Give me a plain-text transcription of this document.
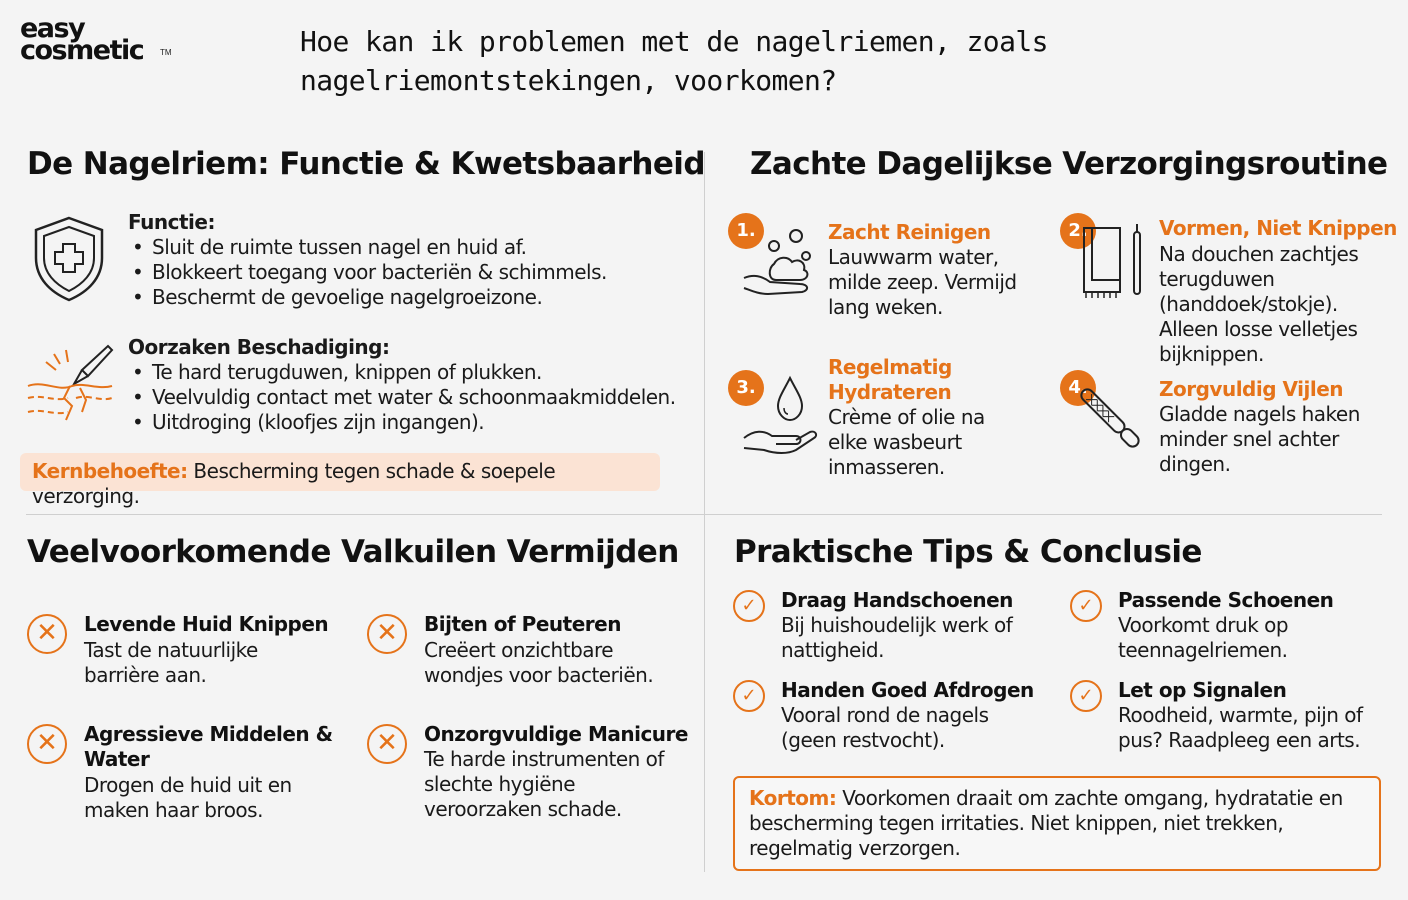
easy
cosmetic	TM	Hoe kan ik problemen met de nagelriemen, zoals nagelriemontstekingen, voorkomen?
De Nagelriem: Functie & Kwetsbaarheid
Functie:
• Sluit de ruimte tussen nagel en huid af.
• Blokkeert toegang voor bacteriën & schimmels.
• Beschermt de gevoelige nagelgroeizone.
Oorzaken Beschadiging:
• Te hard terugduwen, knippen of plukken.
• Veelvuldig contact met water & schoonmaakmiddelen.
• Uitdroging (kloofjes zijn ingangen).
Kernbehoefte: Bescherming tegen schade & soepele verzorging.
Zachte Dagelijkse Verzorgingsroutine
1.	Zacht Reinigen
Lauwwarm water, milde zeep. Vermijd lang weken.
2.	Vormen, Niet Knippen
Na douchen zachtjes terugduwen (handdoek/stokje). Alleen losse velletjes bijknippen.
3.
Regelmatig Hydrateren
Crème of olie na elke wasbeurt inmasseren.
4.	Zorgvuldig Vijlen
Gladde nagels haken minder snel achter dingen.
Veelvoorkomende Valkuilen Vermijden
✕	Levende Huid Knippen
Tast de natuurlijke barrière aan.
✕	Bijten of Peuteren
Creëert onzichtbare wondjes voor bacteriën.
✕	Agressieve Middelen & Water
Drogen de huid uit en maken haar broos.
✕	Onzorgvuldige Manicure
Te harde instrumenten of slechte hygiëne veroorzaken schade.
Praktische Tips & Conclusie
✓	Draag Handschoenen
Bij huishoudelijk werk of nattigheid.
✓	Passende Schoenen
Voorkomt druk op teennagelriemen.
✓	Handen Goed Afdrogen
Vooral rond de nagels (geen restvocht).
✓	Let op Signalen
Roodheid, warmte, pijn of pus? Raadpleeg een arts.
Kortom: Voorkomen draait om zachte omgang, hydratatie en bescherming tegen irritaties. Niet knippen, niet trekken, regelmatig verzorgen.
